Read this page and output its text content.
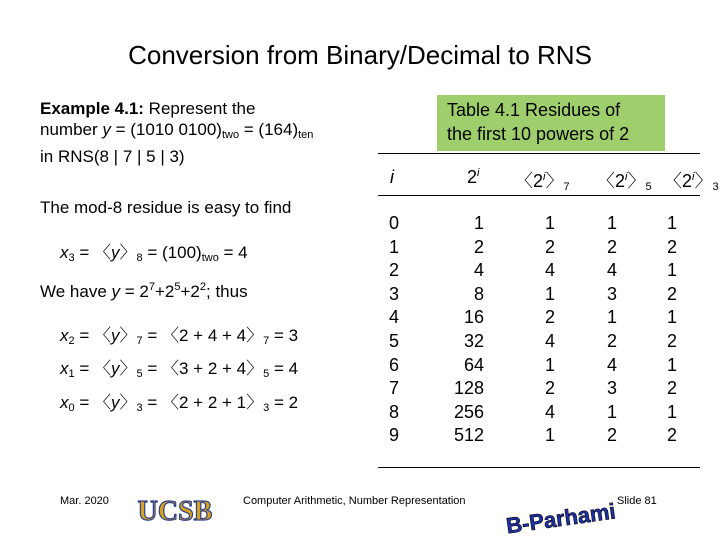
Conversion from Binary/Decimal to RNS
Example 4.1: Represent the
number y = (1010 $0100)_{two} = (164)_{ten}$
in RNS(8 | 7 | 5 | 3)
The mod-8 residue is easy to find
$x_3$ = 〈y〉$_8 = (100)_{two} = 4$
We have $y = 2^7+2^5+2^2$; thus
$x_2$ = 〈y〉$_7$ = 〈2 + 4 + 4〉$_7$ = 3
$x_1$ = 〈y〉$_5$ = 〈3 + 2 + 4〉$_5$ = 4
$x_0$ = 〈y〉$_3$ = 〈2 + 2 + 1〉$_3$ = 2
Table 4.1 Residues of
the first 10 powers of 2
i	2$^i$ 〈2$^i$〉$_7$ 〈2$^i$〉$_5$ 〈2$^i$〉$_3$
0
1
2
3
4
5
6
7
8
9
1
2
4
8
16
32
64
128
256
512
1
2
4
1
2
4
1
2
4
1
1
2
4
3
1
2
4
3
1
2
1
2
1
2
1
2
1
2
1
2
Mar. 2020 UCSB	Computer Arithmetic, Number Representation B-Parhami Slide 81
